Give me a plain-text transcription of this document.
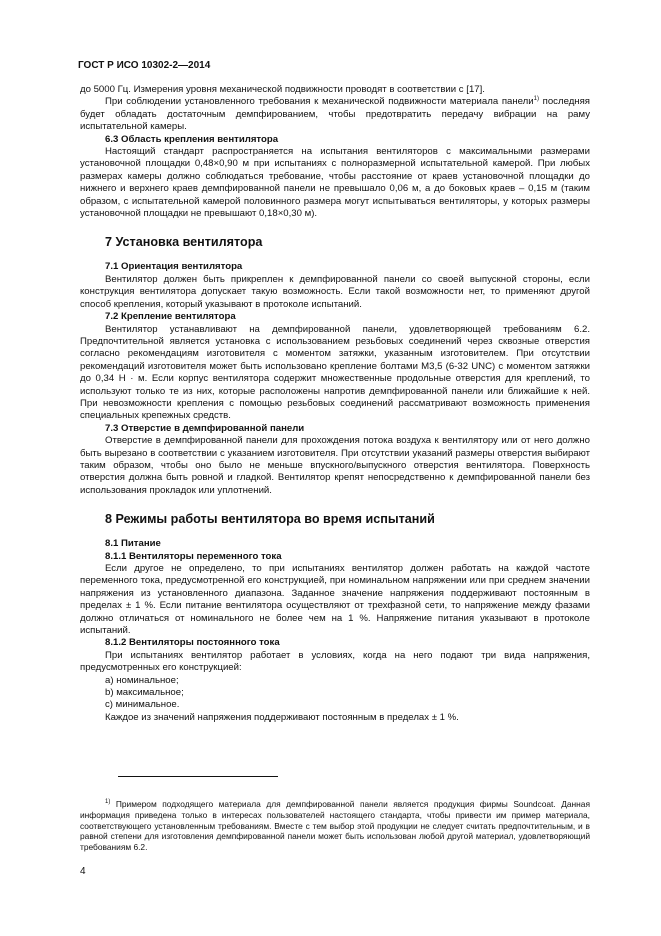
ГОСТ Р ИСО 10302-2—2014

до 5000 Гц. Измерения уровня механической подвижности проводят в соответствии с [17].

При соблюдении установленного требования к механической подвижности материала панели$^{1)}$ последняя будет обладать достаточным демпфированием, чтобы предотвратить передачу вибрации на раму испытательной камеры.

6.3 Область крепления вентилятора

Настоящий стандарт распространяется на испытания вентиляторов с максимальными размерами установочной площадки 0,48×0,90 м при испытаниях с полноразмерной испытательной камерой. При любых размерах камеры должно соблюдаться требование, чтобы расстояние от краев установочной площадки до нижнего и верхнего краев демпфированной панели не превышало 0,06 м, а до боковых краев – 0,15 м (таким образом, с испытательной камерой половинного размера могут испытываться вентиляторы, у которых размеры установочной площадки не превышают 0,18×0,30 м).

7 Установка вентилятора

7.1 Ориентация вентилятора

Вентилятор должен быть прикреплен к демпфированной панели со своей выпускной стороны, если конструкция вентилятора допускает такую возможность. Если такой возможности нет, то применяют другой способ крепления, который указывают в протоколе испытаний.

7.2 Крепление вентилятора

Вентилятор устанавливают на демпфированной панели, удовлетворяющей требованиям 6.2. Предпочтительной является установка с использованием резьбовых соединений через сквозные отверстия согласно рекомендациям изготовителя с моментом затяжки, указанным изготовителем. При отсутствии рекомендаций изготовителя может быть использовано крепление болтами М3,5 (6-32 UNC) с моментом затяжки до 0,34 Н · м. Если корпус вентилятора содержит множественные продольные отверстия для креплений, то используют только те из них, которые расположены напротив демпфированной панели или ближайшие к ней. При невозможности крепления с помощью резьбовых соединений рассматривают возможность применения специальных крепежных средств.

7.3 Отверстие в демпфированной панели

Отверстие в демпфированной панели для прохождения потока воздуха к вентилятору или от него должно быть вырезано в соответствии с указанием изготовителя. При отсутствии указаний размеры отверстия выбирают таким образом, чтобы оно было не меньше впускного/выпускного отверстия вентилятора. Поверхность отверстия должна быть ровной и гладкой. Вентилятор крепят непосредственно к демпфированной панели без использования прокладок или уплотнений.

8 Режимы работы вентилятора во время испытаний

8.1 Питание

8.1.1 Вентиляторы переменного тока

Если другое не определено, то при испытаниях вентилятор должен работать на каждой частоте переменного тока, предусмотренной его конструкцией, при номинальном напряжении или при среднем значении напряжения из установленного диапазона. Заданное значение напряжения поддерживают постоянным в пределах ± 1 %. Если питание вентилятора осуществляют от трехфазной сети, то напряжение между фазами должно отличаться от номинального не более чем на 1 %. Напряжение питания указывают в протоколе испытаний.

8.1.2 Вентиляторы постоянного тока

При испытаниях вентилятор работает в условиях, когда на него подают три вида напряжения, предусмотренных его конструкцией:

a) номинальное;

b) максимальное;

c) минимальное.

Каждое из значений напряжения поддерживают постоянным в пределах ± 1 %.

$^{1)}$ Примером подходящего материала для демпфированной панели является продукция фирмы Soundcoat. Данная информация приведена только в интересах пользователей настоящего стандарта, чтобы привести им пример материала, соответствующего установленным требованиям. Вместе с тем выбор этой продукции не следует считать предпочтительным, и в равной степени для изготовления демпфированной панели может быть использован любой другой материал, удовлетворяющий требованиям 6.2.

4
